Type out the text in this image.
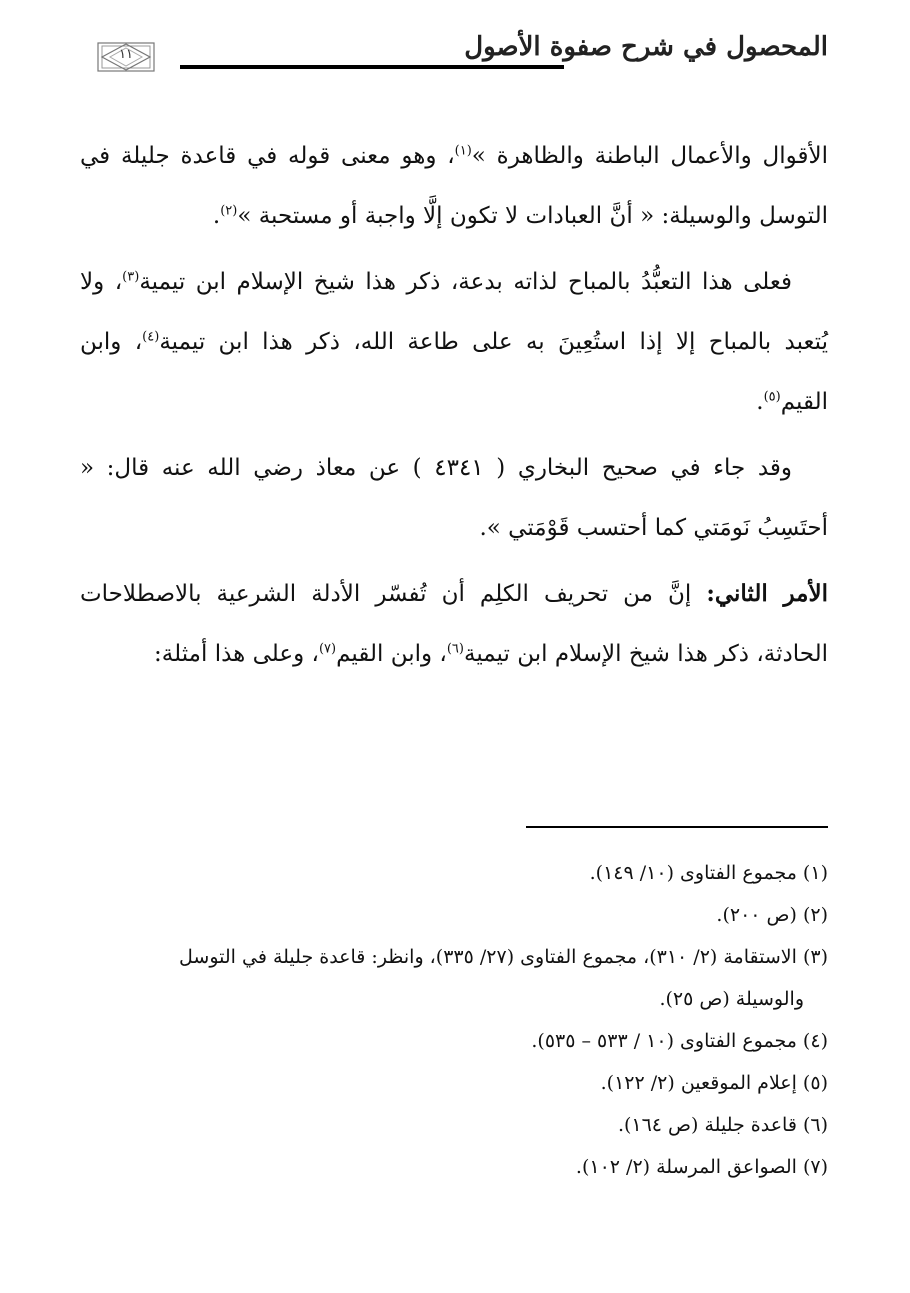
المحصول في شرح صفوة الأصول
١١

الأقوال والأعمال الباطنة والظاهرة »$^{(١)}$، وهو معنى قوله في قاعدة جليلة في التوسل والوسيلة: « أنَّ العبادات لا تكون إلَّا واجبة أو مستحبة »$^{(٢)}$.

فعلى هذا التعبُّدُ بالمباح لذاته بدعة، ذكر هذا شيخ الإسلام ابن تيمية$^{(٣)}$، ولا يُتعبد بالمباح إلا إذا استُعِينَ به على طاعة الله، ذكر هذا ابن تيمية$^{(٤)}$، وابن القيم$^{(٥)}$.

وقد جاء في صحيح البخاري ( ٤٣٤١ ) عن معاذ رضي الله عنه قال: « أحتَسِبُ نَومَتي كما أحتسب قَوْمَتي ».

الأمر الثاني: إنَّ من تحريف الكلِم أن تُفسّر الأدلة الشرعية بالاصطلاحات الحادثة، ذكر هذا شيخ الإسلام ابن تيمية$^{(٦)}$، وابن القيم$^{(٧)}$، وعلى هذا أمثلة:

(١) مجموع الفتاوى (١٠/ ١٤٩).

(٢) (ص ٢٠٠).

(٣) الاستقامة (٢/ ٣١٠)، مجموع الفتاوى (٢٧/ ٣٣٥)، وانظر: قاعدة جليلة في التوسل
والوسيلة (ص ٢٥).

(٤) مجموع الفتاوى (١٠ / ٥٣٣ – ٥٣٥).

(٥) إعلام الموقعين (٢/ ١٢٢).

(٦) قاعدة جليلة (ص ١٦٤).

(٧) الصواعق المرسلة (٢/ ١٠٢).
